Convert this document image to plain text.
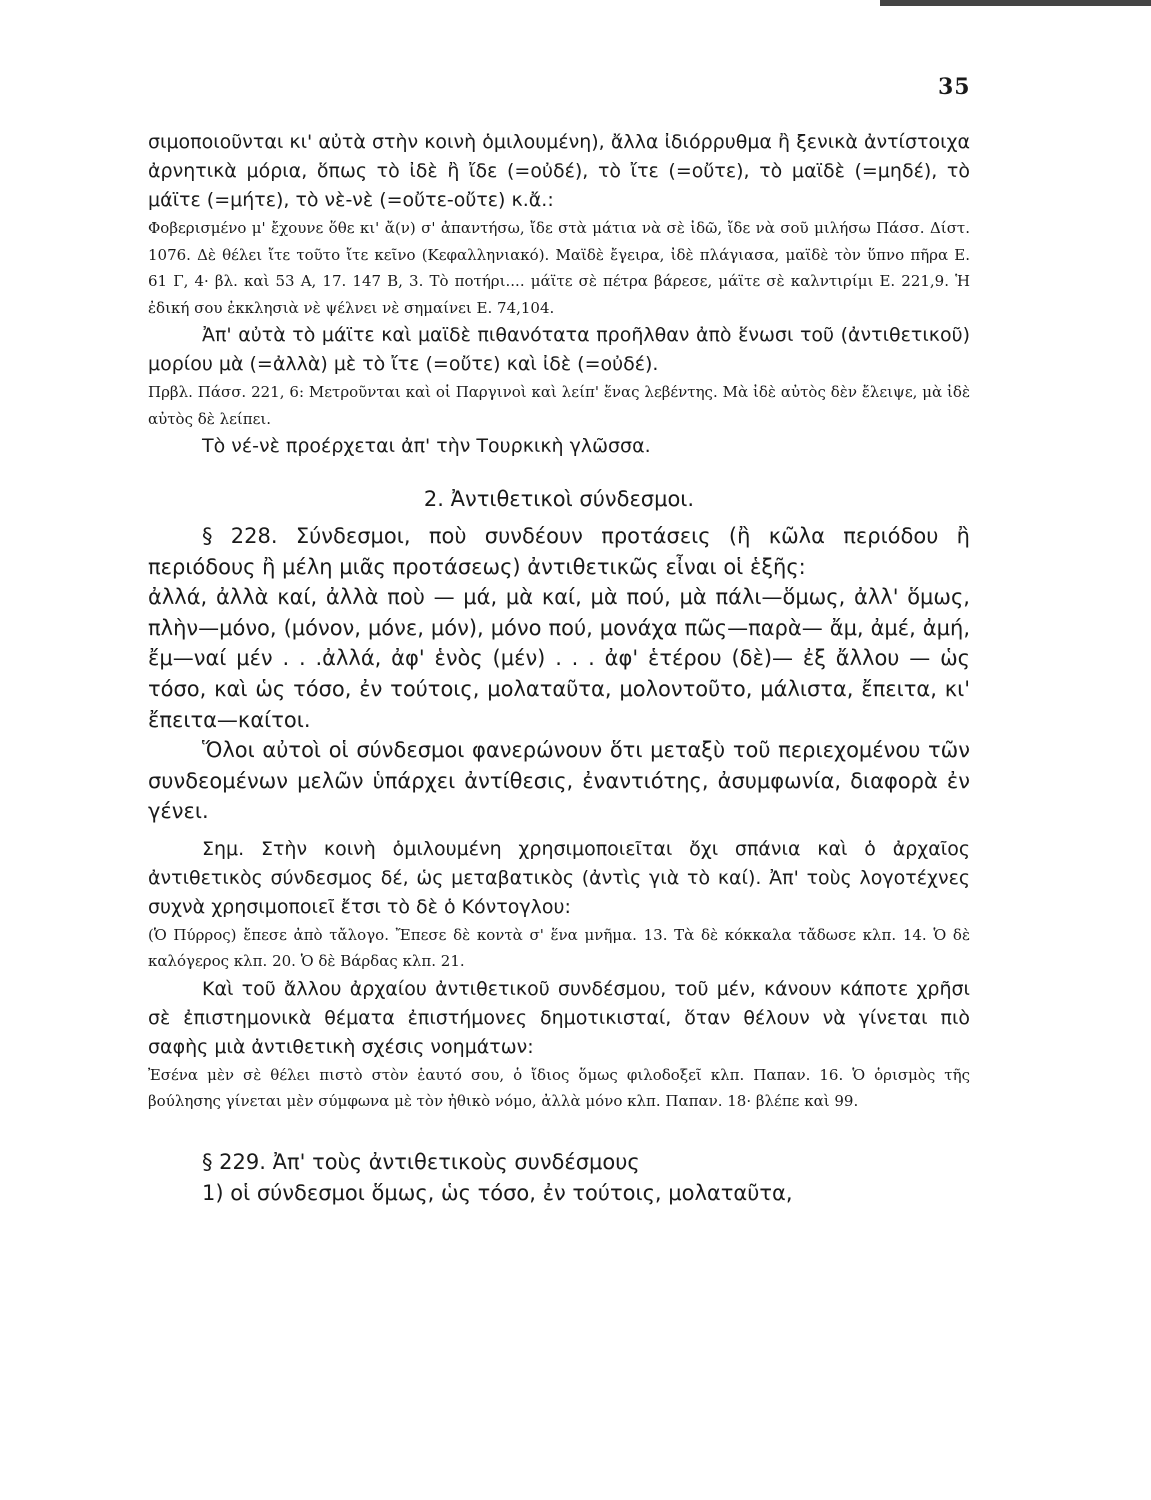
35

σιμοποιοῦνται κι' αὐτὰ στὴν κοινὴ ὁμιλουμένη), ἄλλα ἰδιόρρυθμα ἢ ξενικὰ ἀντίστοιχα ἀρνητικὰ μόρια, ὅπως τὸ ἰδὲ ἢ ἴδε (=οὐδέ), τὸ ἴτε (=οὔτε), τὸ μαϊδὲ (=μηδέ), τὸ μάϊτε (=μήτε), τὸ νὲ-νὲ (=οὔτε-οὔτε) κ.ἄ.:

Φοβερισμένο μ' ἔχουνε ὅθε κι' ἄ(ν) σ' ἀπαντήσω, ἴδε στὰ μάτια νὰ σὲ ἰδῶ, ἴδε νὰ σοῦ μιλήσω Πάσσ. Δίστ. 1076. Δὲ θέλει ἴτε τοῦτο ἴτε κεῖνο (Κεφαλληνιακό). Μαϊδὲ ἔγειρα, ἰδὲ πλάγιασα, μαϊδὲ τὸν ὕπνο πῆρα Ε. 61 Γ, 4· βλ. καὶ 53 Α, 17. 147 Β, 3. Τὸ ποτήρι.... μάϊτε σὲ πέτρα βάρεσε, μάϊτε σὲ καλντιρίμι Ε. 221,9. Ἡ ἐδική σου ἐκκλησιὰ νὲ ψέλνει νὲ σημαίνει Ε. 74,104.

Ἀπ' αὐτὰ τὸ μάϊτε καὶ μαϊδὲ πιθανότατα προῆλθαν ἀπὸ ἕνωσι τοῦ (ἀντιθετικοῦ) μορίου μὰ (=ἀλλὰ) μὲ τὸ ἴτε (=οὔτε) καὶ ἰδὲ (=οὐδέ).

Πρβλ. Πάσσ. 221, 6: Μετροῦνται καὶ οἱ Παργινοὶ καὶ λείπ' ἕνας λεβέντης. Μὰ ἰδὲ αὐτὸς δὲν ἔλειψε, μὰ ἰδὲ αὐτὸς δὲ λείπει.

Τὸ νέ-νὲ προέρχεται ἀπ' τὴν Τουρκικὴ γλῶσσα.

2. Ἀντιθετικοὶ σύνδεσμοι.

§ 228. Σύνδεσμοι, ποὺ συνδέουν προτάσεις (ἢ κῶλα περιόδου ἢ περιόδους ἢ μέλη μιᾶς προτάσεως) ἀντιθετικῶς εἶναι οἱ ἑξῆς:

ἀλλά, ἀλλὰ καί, ἀλλὰ ποὺ — μά, μὰ καί, μὰ πού, μὰ πάλι—ὅμως, ἀλλ' ὅμως, πλὴν—μόνο, (μόνον, μόνε, μόν), μόνο πού, μονάχα πῶς—παρὰ— ἄμ, ἀμέ, ἀμή, ἔμ—ναί μέν . . .ἀλλά, ἀφ' ἑνὸς (μέν) . . . ἀφ' ἑτέρου (δὲ)— ἐξ ἄλλου — ὡς τόσο, καὶ ὡς τόσο, ἐν τούτοις, μολαταῦτα, μολοντοῦτο, μάλιστα, ἔπειτα, κι' ἔπειτα—καίτοι.

Ὅλοι αὐτοὶ οἱ σύνδεσμοι φανερώνουν ὅτι μεταξὺ τοῦ περιεχομένου τῶν συνδεομένων μελῶν ὑπάρχει ἀντίθεσις, ἐναντιότης, ἀσυμφωνία, διαφορὰ ἐν γένει.

Σημ. Στὴν κοινὴ ὁμιλουμένη χρησιμοποιεῖται ὄχι σπάνια καὶ ὁ ἀρχαῖος ἀντιθετικὸς σύνδεσμος δέ, ὡς μεταβατικὸς (ἀντὶς γιὰ τὸ καί). Ἀπ' τοὺς λογοτέχνες συχνὰ χρησιμοποιεῖ ἔτσι τὸ δὲ ὁ Κόντογλου:

(Ὁ Πύρρος) ἔπεσε ἀπὸ τἄλογο. Ἔπεσε δὲ κοντὰ σ' ἕνα μνῆμα. 13. Τὰ δὲ κόκκαλα τἄδωσε κλπ. 14. Ὁ δὲ καλόγερος κλπ. 20. Ὁ δὲ Βάρδας κλπ. 21.

Καὶ τοῦ ἄλλου ἀρχαίου ἀντιθετικοῦ συνδέσμου, τοῦ μέν, κάνουν κάποτε χρῆσι σὲ ἐπιστημονικὰ θέματα ἐπιστήμονες δημοτικισταί, ὅταν θέλουν νὰ γίνεται πιὸ σαφὴς μιὰ ἀντιθετικὴ σχέσις νοημάτων:

Ἐσένα μὲν σὲ θέλει πιστὸ στὸν ἑαυτό σου, ὁ ἴδιος ὅμως φιλοδοξεῖ κλπ. Παπαν. 16. Ὁ ὁρισμὸς τῆς βούλησης γίνεται μὲν σύμφωνα μὲ τὸν ἠθικὸ νόμο, ἀλλὰ μόνο κλπ. Παπαν. 18· βλέπε καὶ 99.

§ 229. Ἀπ' τοὺς ἀντιθετικοὺς συνδέσμους

1) οἱ σύνδεσμοι ὅμως, ὡς τόσο, ἐν τούτοις, μολαταῦτα,
